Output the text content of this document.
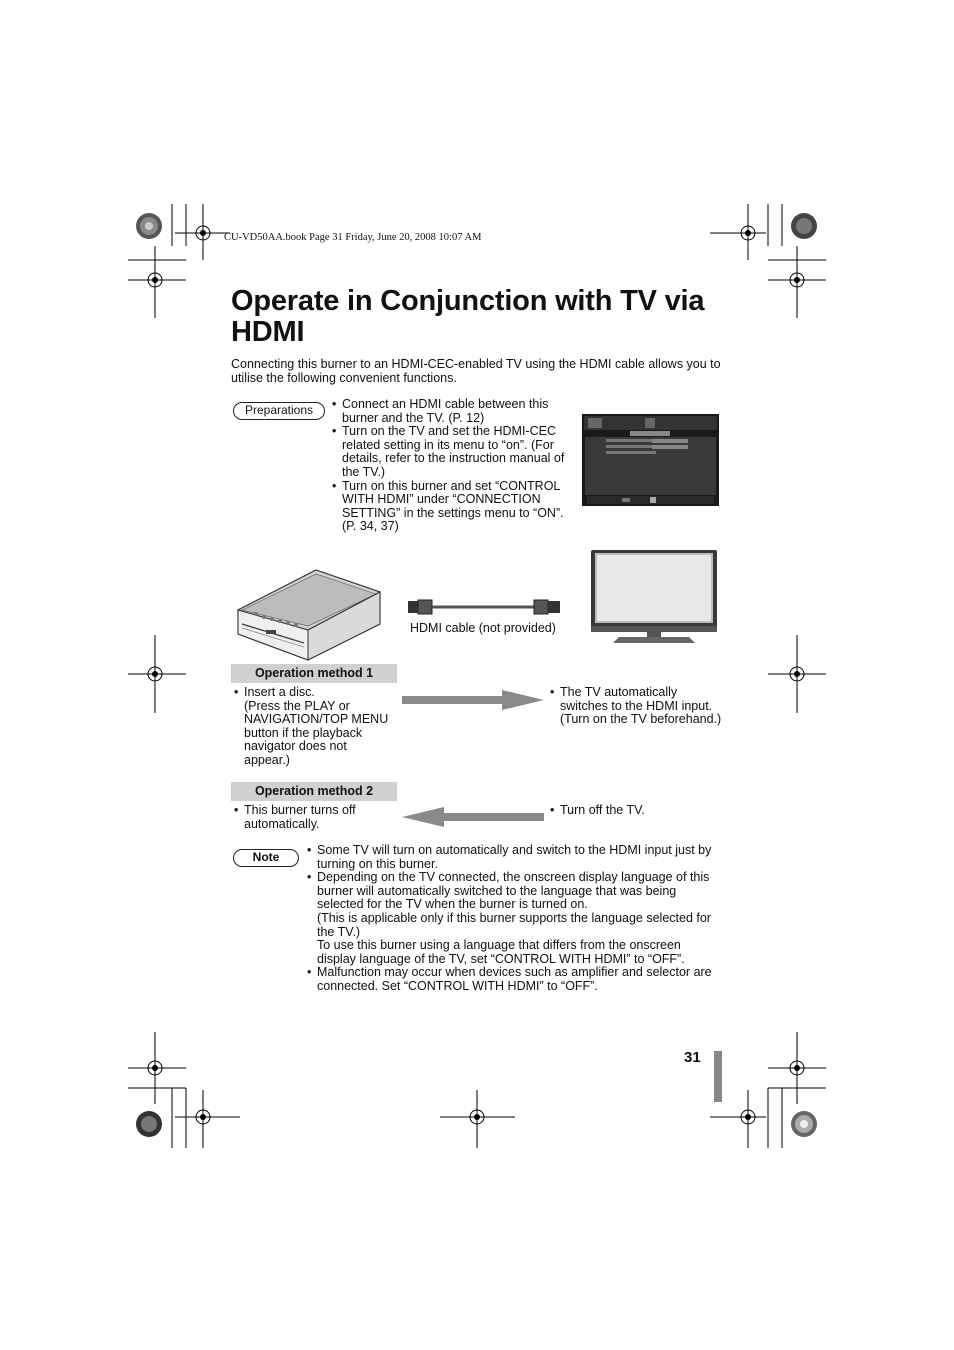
CU-VD50AA.book Page 31 Friday, June 20, 2008 10:07 AM
Operate in Conjunction with TV via HDMI
Connecting this burner to an HDMI-CEC-enabled TV using the HDMI cable allows you to utilise the following convenient functions.
Preparations	• Connect an HDMI cable between this burner and the TV. (P. 12)
• Turn on the TV and set the HDMI-CEC related setting in its menu to “on”. (For details, refer to the instruction manual of the TV.)
• Turn on this burner and set “CONTROL WITH HDMI” under “CONNECTION SETTING” in the settings menu to “ON”. (P. 34, 37)
HDMI cable (not provided)
Operation method 1
• Insert a disc.
(Press the PLAY or NAVIGATION/TOP MENU button if the playback navigator does not appear.)
• The TV automatically switches to the HDMI input. (Turn on the TV beforehand.)
Operation method 2
• This burner turns off automatically.
• Turn off the TV.
Note	• Some TV will turn on automatically and switch to the HDMI input just by turning on this burner.
• Depending on the TV connected, the onscreen display language of this burner will automatically switched to the language that was being selected for the TV when the burner is turned on.
(This is applicable only if this burner supports the language selected for the TV.)
To use this burner using a language that differs from the onscreen display language of the TV, set “CONTROL WITH HDMI” to “OFF”.
• Malfunction may occur when devices such as amplifier and selector are connected. Set “CONTROL WITH HDMI” to “OFF”.
31
